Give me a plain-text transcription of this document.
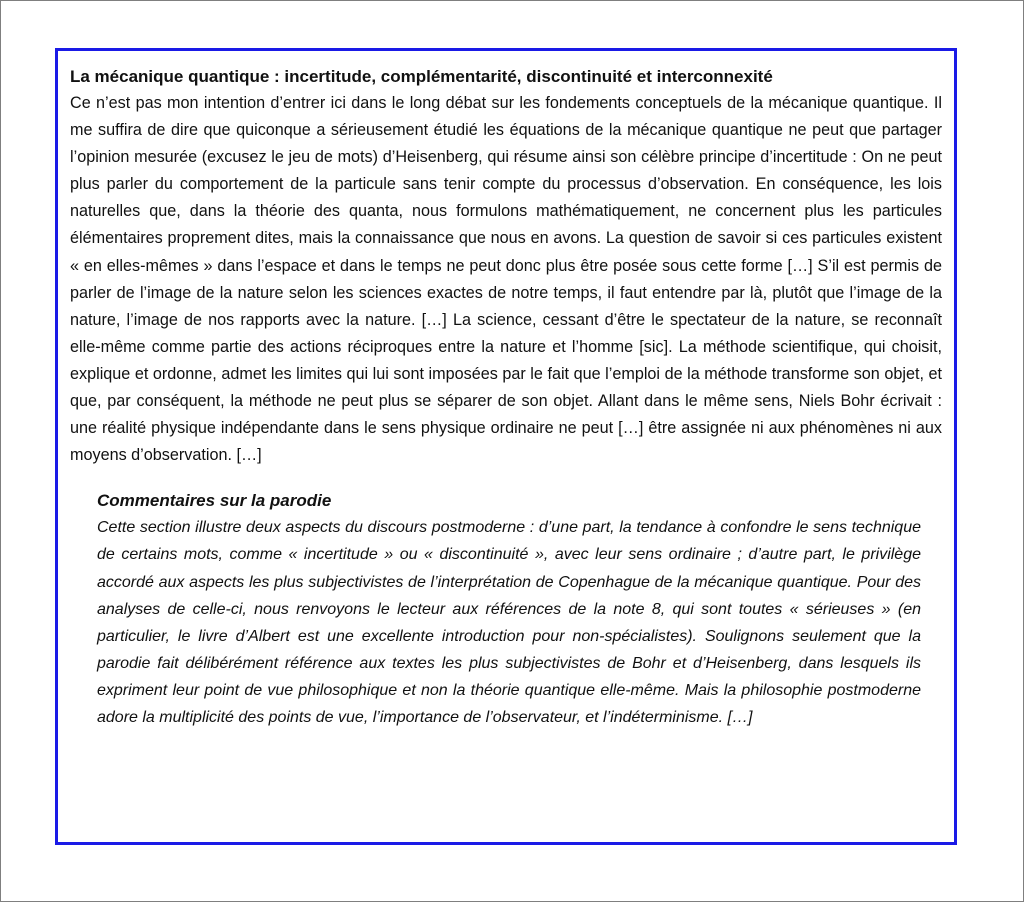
La mécanique quantique : incertitude, complémentarité, discontinuité et interconnexité

Ce n’est pas mon intention d’entrer ici dans le long débat sur les fondements conceptuels de la mécanique quantique. Il me suffira de dire que quiconque a sérieusement étudié les équations de la mécanique quantique ne peut que partager l’opinion mesurée (excusez le jeu de mots) d’Heisenberg, qui résume ainsi son célèbre principe d’incertitude : On ne peut plus parler du comportement de la particule sans tenir compte du processus d’observation. En conséquence, les lois naturelles que, dans la théorie des quanta, nous formulons mathématiquement, ne concernent plus les particules élémentaires proprement dites, mais la connaissance que nous en avons. La question de savoir si ces particules existent « en elles-mêmes » dans l’espace et dans le temps ne peut donc plus être posée sous cette forme […] S’il est permis de parler de l’image de la nature selon les sciences exactes de notre temps, il faut entendre par là, plutôt que l’image de la nature, l’image de nos rapports avec la nature. […] La science, cessant d’être le spectateur de la nature, se reconnaît elle-même comme partie des actions réciproques entre la nature et l’homme [sic]. La méthode scientifique, qui choisit, explique et ordonne, admet les limites qui lui sont imposées par le fait que l’emploi de la méthode transforme son objet, et que, par conséquent, la méthode ne peut plus se séparer de son objet. Allant dans le même sens, Niels Bohr écrivait : une réalité physique indépendante dans le sens physique ordinaire ne peut […] être assignée ni aux phénomènes ni aux moyens d’observation. […]

Commentaires sur la parodie

Cette section illustre deux aspects du discours postmoderne : d’une part, la tendance à confondre le sens technique de certains mots, comme « incertitude » ou « discontinuité », avec leur sens ordinaire ; d’autre part, le privilège accordé aux aspects les plus subjectivistes de l’interprétation de Copenhague de la mécanique quantique. Pour des analyses de celle-ci, nous renvoyons le lecteur aux références de la note 8, qui sont toutes « sérieuses » (en particulier, le livre d’Albert est une excellente introduction pour non-spécialistes). Soulignons seulement que la parodie fait délibérément référence aux textes les plus subjectivistes de Bohr et d’Heisenberg, dans lesquels ils expriment leur point de vue philosophique et non la théorie quantique elle-même. Mais la philosophie postmoderne adore la multiplicité des points de vue, l’importance de l’observateur, et l’indéterminisme. […]
